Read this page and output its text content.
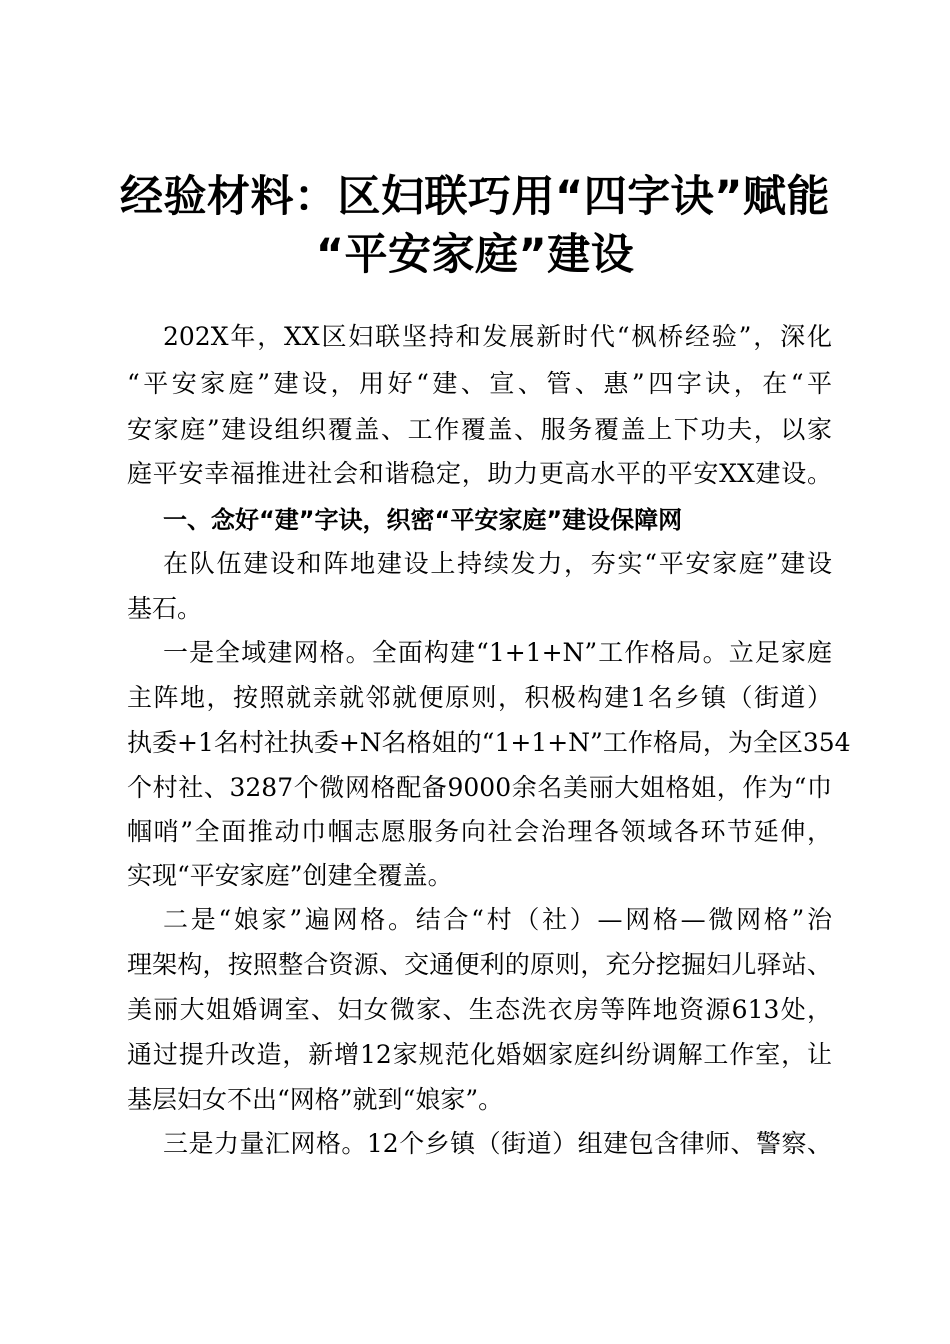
经验材料：区妇联巧用“四字诀”赋能
“平安家庭”建设
202X年，XX区妇联坚持和发展新时代“枫桥经验”，深化
“平安家庭”建设，用好“建、宣、管、惠”四字诀，在“平
安家庭”建设组织覆盖、工作覆盖、服务覆盖上下功夫，以家
庭平安幸福推进社会和谐稳定，助力更高水平的平安XX建设。
一、念好“建”字诀，织密“平安家庭”建设保障网
在队伍建设和阵地建设上持续发力，夯实“平安家庭”建设
基石。
一是全域建网格。全面构建“1+1+N”工作格局。立足家庭
主阵地，按照就亲就邻就便原则，积极构建1名乡镇（街道）
执委+1名村社执委+N名格姐的“1+1+N”工作格局，为全区354
个村社、3287个微网格配备9000余名美丽大姐格姐，作为“巾
帼哨”全面推动巾帼志愿服务向社会治理各领域各环节延伸，
实现“平安家庭”创建全覆盖。
二是“娘家”遍网格。结合“村（社）—网格—微网格”治
理架构，按照整合资源、交通便利的原则，充分挖掘妇儿驿站、
美丽大姐婚调室、妇女微家、生态洗衣房等阵地资源613处，
通过提升改造，新增12家规范化婚姻家庭纠纷调解工作室，让
基层妇女不出“网格”就到“娘家”。
三是力量汇网格。12个乡镇（街道）组建包含律师、警察、
